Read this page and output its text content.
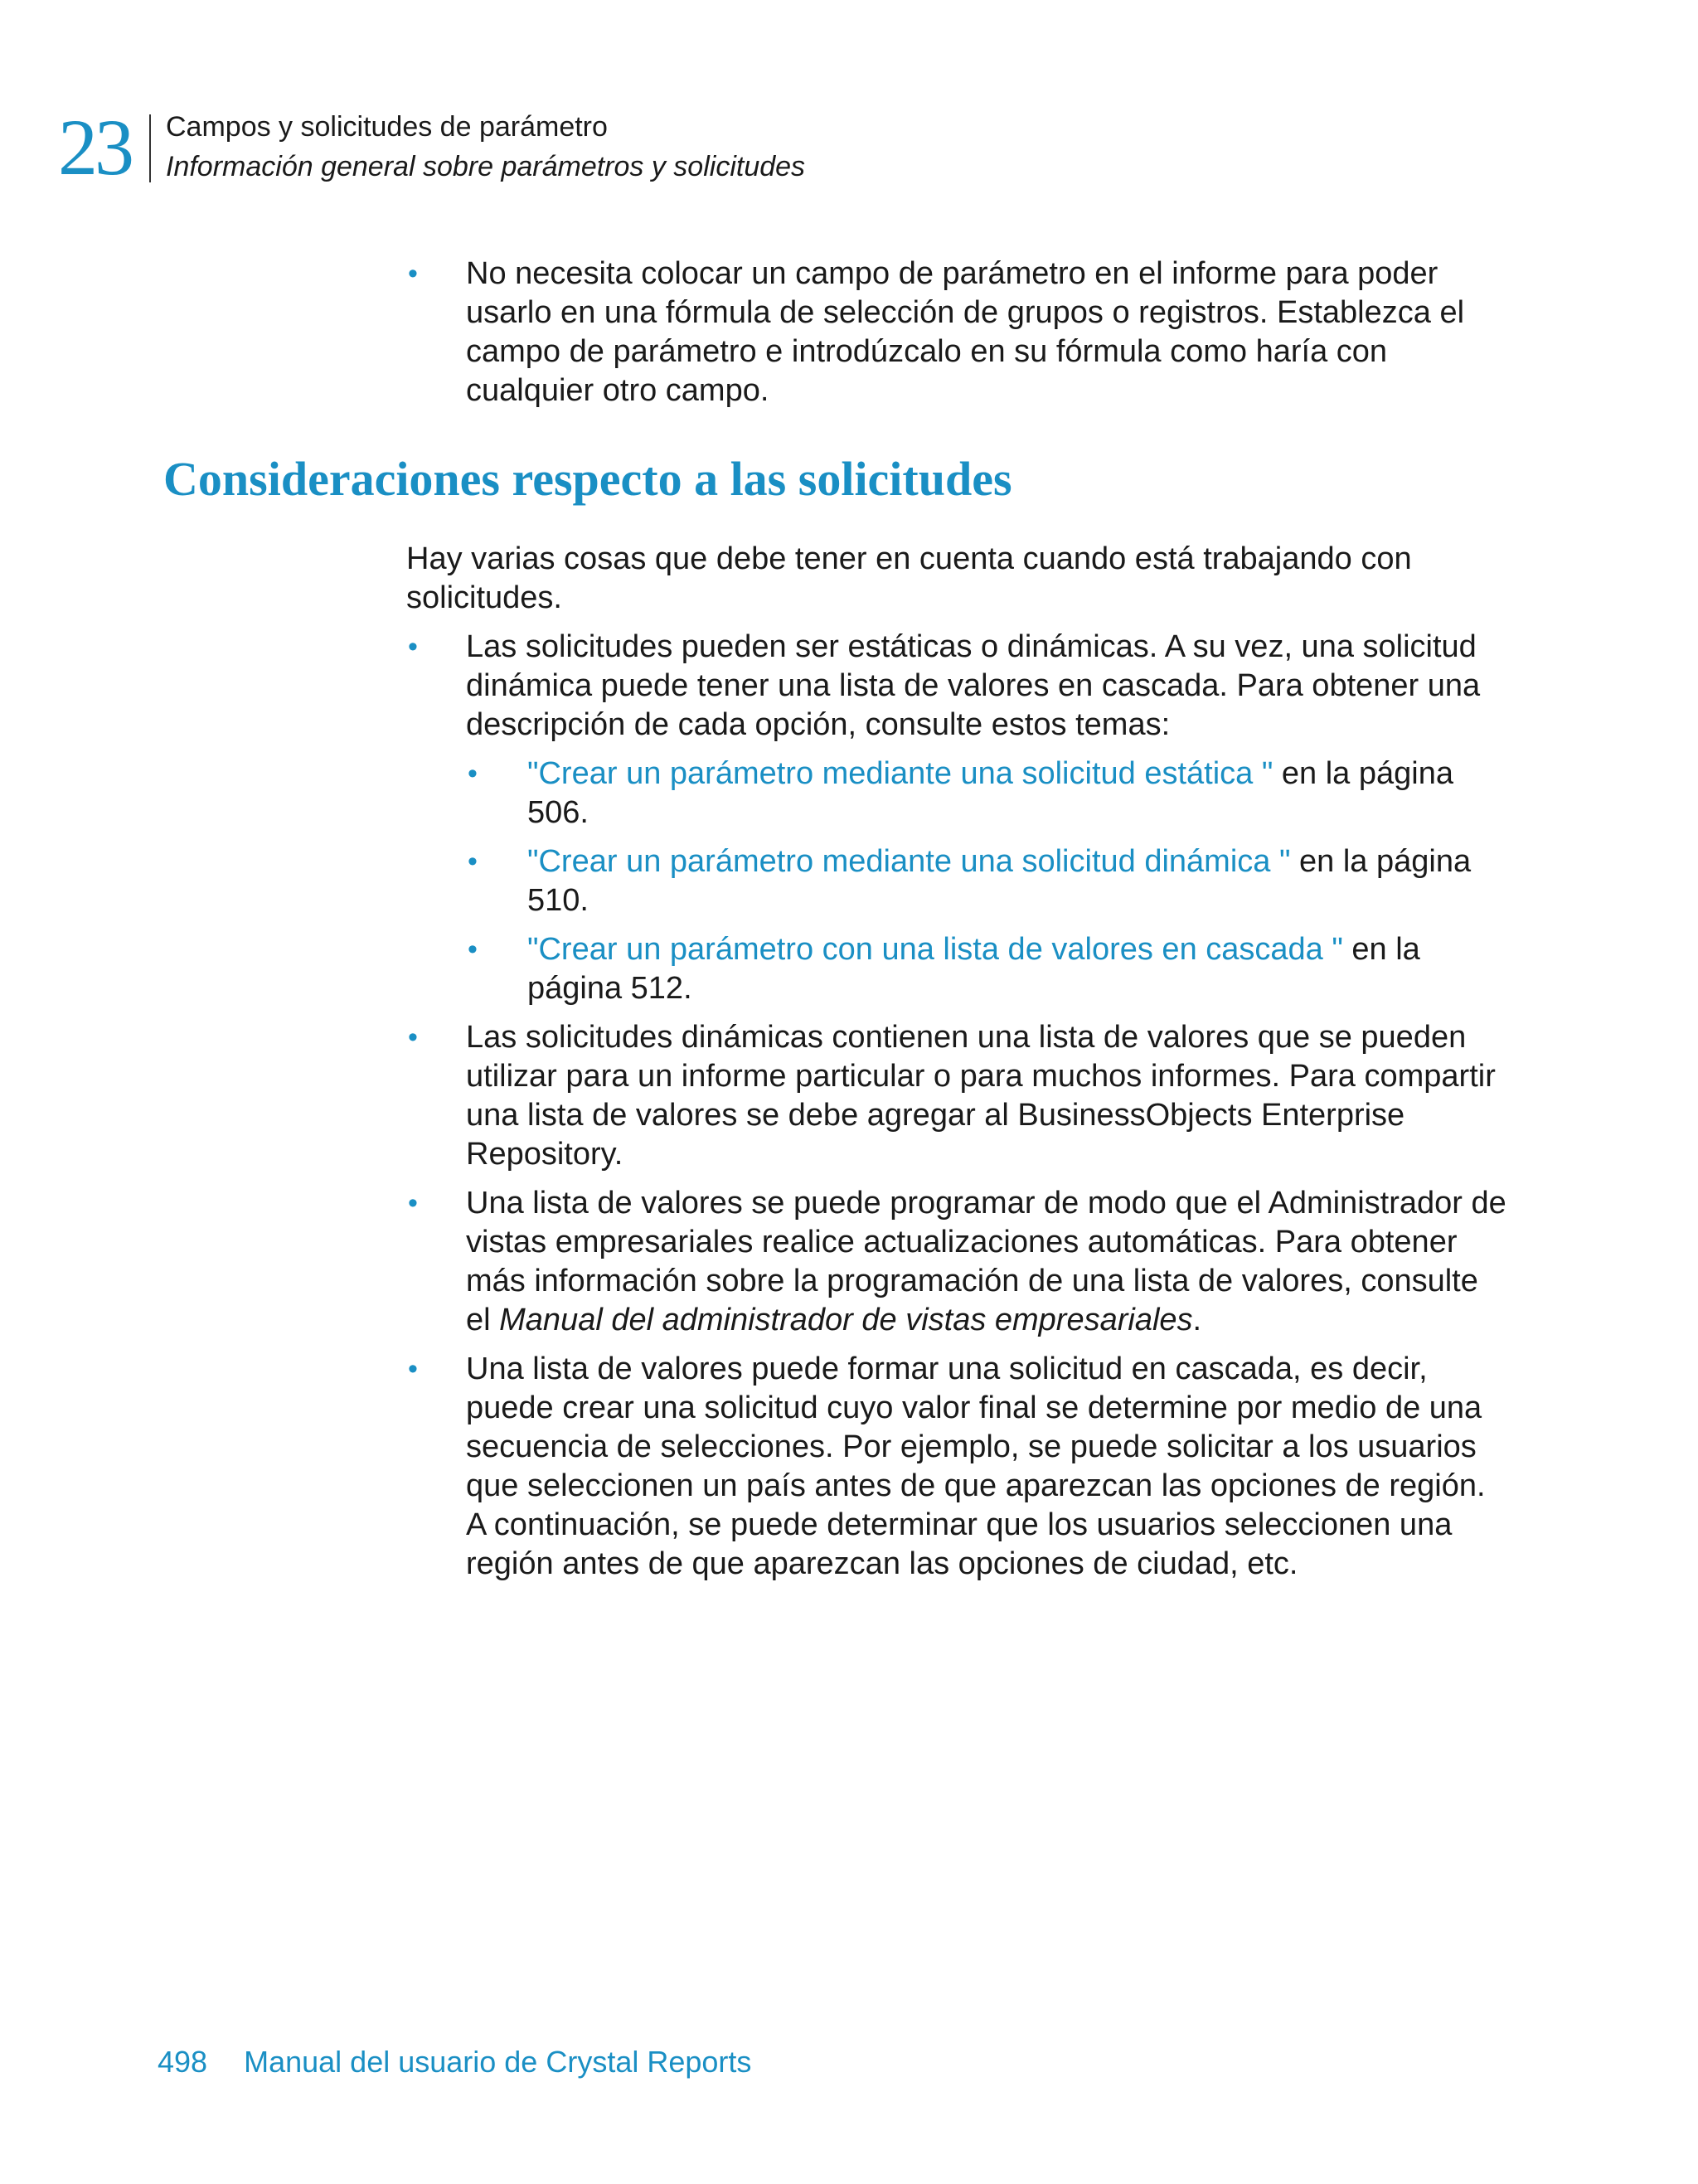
23 Campos y solicitudes de parámetro
Información general sobre parámetros y solicitudes
• No necesita colocar un campo de parámetro en el informe para poder usarlo en una fórmula de selección de grupos o registros. Establezca el campo de parámetro e introdúzcalo en su fórmula como haría con cualquier otro campo.
Consideraciones respecto a las solicitudes

Hay varias cosas que debe tener en cuenta cuando está trabajando con solicitudes.

• Las solicitudes pueden ser estáticas o dinámicas. A su vez, una solicitud dinámica puede tener una lista de valores en cascada. Para obtener una descripción de cada opción, consulte estos temas:
• "Crear un parámetro mediante una solicitud estática " en la página 506.
• "Crear un parámetro mediante una solicitud dinámica " en la página 510.
• "Crear un parámetro con una lista de valores en cascada " en la página 512.
• Las solicitudes dinámicas contienen una lista de valores que se pueden utilizar para un informe particular o para muchos informes. Para compartir una lista de valores se debe agregar al BusinessObjects Enterprise Repository.
• Una lista de valores se puede programar de modo que el Administrador de vistas empresariales realice actualizaciones automáticas. Para obtener más información sobre la programación de una lista de valores, consulte el Manual del administrador de vistas empresariales.
• Una lista de valores puede formar una solicitud en cascada, es decir, puede crear una solicitud cuyo valor final se determine por medio de una secuencia de selecciones. Por ejemplo, se puede solicitar a los usuarios que seleccionen un país antes de que aparezcan las opciones de región. A continuación, se puede determinar que los usuarios seleccionen una región antes de que aparezcan las opciones de ciudad, etc.
498 Manual del usuario de Crystal Reports
